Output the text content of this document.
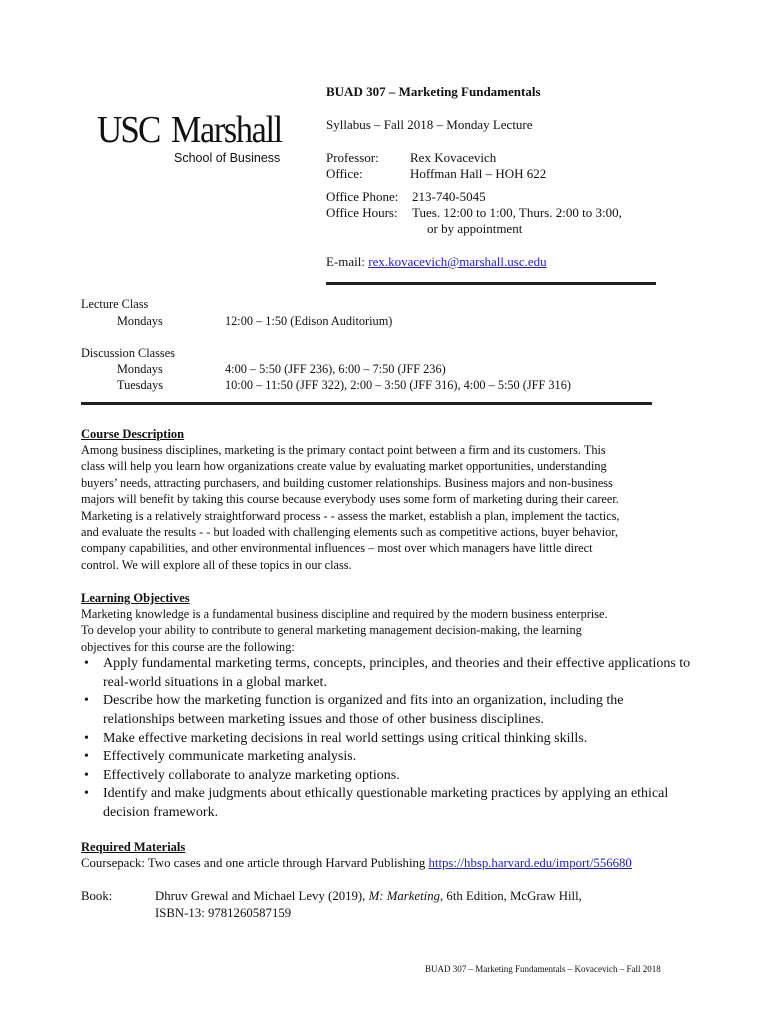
USC Marshall
School of Business
BUAD 307 – Marketing Fundamentals
Syllabus – Fall 2018 – Monday Lecture
Professor: Rex Kovacevich
Office:	Hoffman Hall – HOH 622
Office Phone: 213-740-5045
Office Hours: Tues. 12:00 to 1:00, Thurs. 2:00 to 3:00,
or by appointment
E-mail: rex.kovacevich@marshall.usc.edu
Lecture Class
Mondays	12:00 – 1:50 (Edison Auditorium)
Discussion Classes
Mondays	4:00 – 5:50 (JFF 236), 6:00 – 7:50 (JFF 236)
Tuesdays	10:00 – 11:50 (JFF 322), 2:00 – 3:50 (JFF 316), 4:00 – 5:50 (JFF 316)
Course Description
Among business disciplines, marketing is the primary contact point between a firm and its customers. This
class will help you learn how organizations create value by evaluating market opportunities, understanding
buyers’ needs, attracting purchasers, and building customer relationships. Business majors and non-business
majors will benefit by taking this course because everybody uses some form of marketing during their career.
Marketing is a relatively straightforward process - - assess the market, establish a plan, implement the tactics,
and evaluate the results - - but loaded with challenging elements such as competitive actions, buyer behavior,
company capabilities, and other environmental influences – most over which managers have little direct
control. We will explore all of these topics in our class.
Learning Objectives
Marketing knowledge is a fundamental business discipline and required by the modern business enterprise.
To develop your ability to contribute to general marketing management decision-making, the learning
objectives for this course are the following:
• Apply fundamental marketing terms, concepts, principles, and theories and their effective applications to real-world situations in a global market.
• Describe how the marketing function is organized and fits into an organization, including the relationships between marketing issues and those of other business disciplines.
• Make effective marketing decisions in real world settings using critical thinking skills.
• Effectively communicate marketing analysis.
• Effectively collaborate to analyze marketing options.
• Identify and make judgments about ethically questionable marketing practices by applying an ethical decision framework.
Required Materials
Coursepack: Two cases and one article through Harvard Publishing https://hbsp.harvard.edu/import/556680
Book:	Dhruv Grewal and Michael Levy (2019), M: Marketing, 6th Edition, McGraw Hill,
ISBN-13: 9781260587159
BUAD 307 – Marketing Fundamentals – Kovacevich – Fall 2018
